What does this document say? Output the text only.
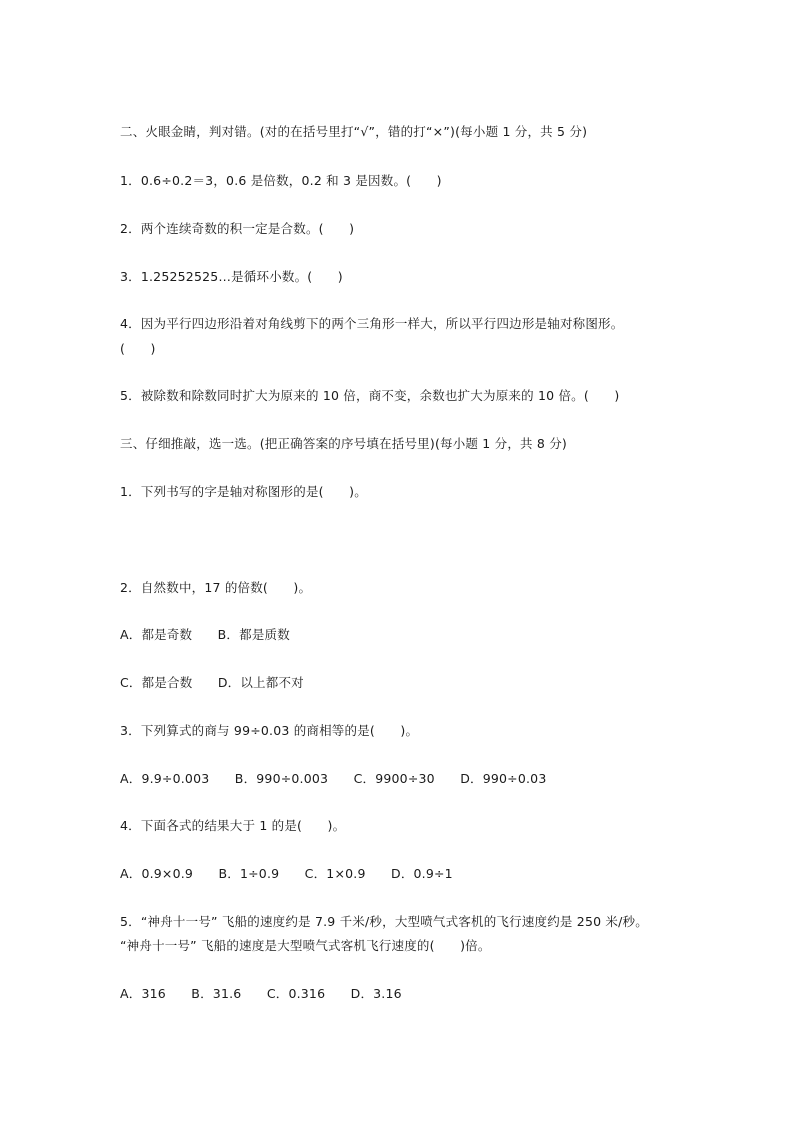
二、火眼金睛，判对错。(对的在括号里打“√”，错的打“×”)(每小题 1 分，共 5 分)
1．0.6÷0.2＝3，0.6 是倍数，0.2 和 3 是因数。(　　)
2．两个连续奇数的积一定是合数。(　　)
3．1.25252525…是循环小数。(　　)
4．因为平行四边形沿着对角线剪下的两个三角形一样大，所以平行四边形是轴对称图形。
(　　)
5．被除数和除数同时扩大为原来的 10 倍，商不变，余数也扩大为原来的 10 倍。(　　)
三、仔细推敲，选一选。(把正确答案的序号填在括号里)(每小题 1 分，共 8 分)
1．下列书写的字是轴对称图形的是(　　)。
2．自然数中，17 的倍数(　　)。
A．都是奇数　　B．都是质数
C．都是合数　　D．以上都不对
3．下列算式的商与 99÷0.03 的商相等的是(　　)。
A．9.9÷0.003　　B．990÷0.003　　C．9900÷30　　D．990÷0.03
4．下面各式的结果大于 1 的是(　　)。
A．0.9×0.9　　B．1÷0.9　　C．1×0.9　　D．0.9÷1
5．“神舟十一号” 飞船的速度约是 7.9 千米/秒，大型喷气式客机的飞行速度约是 250 米/秒。
“神舟十一号” 飞船的速度是大型喷气式客机飞行速度的(　　)倍。
A．316　　B．31.6　　C．0.316　　D．3.16
